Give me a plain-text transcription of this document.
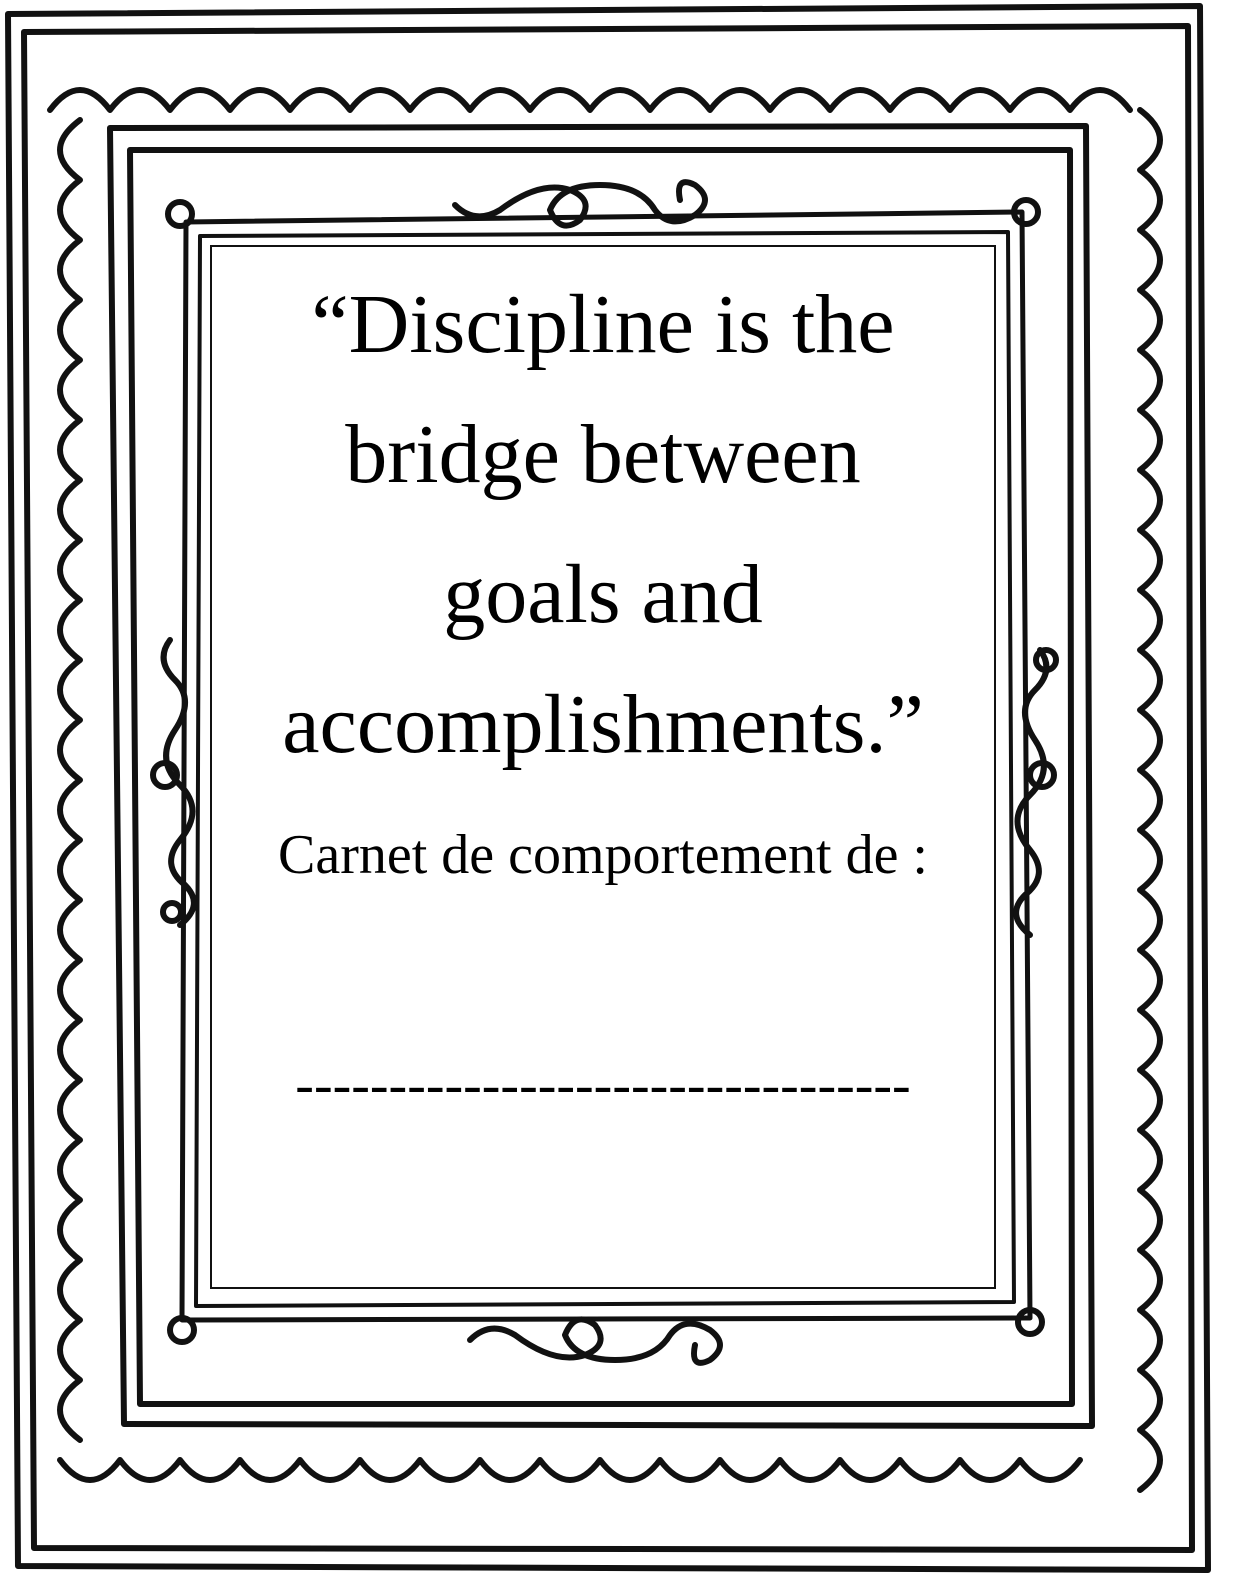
“Discipline is the
bridge between
goals and
accomplishments.”
Carnet de comportement de :
---------------------------------
